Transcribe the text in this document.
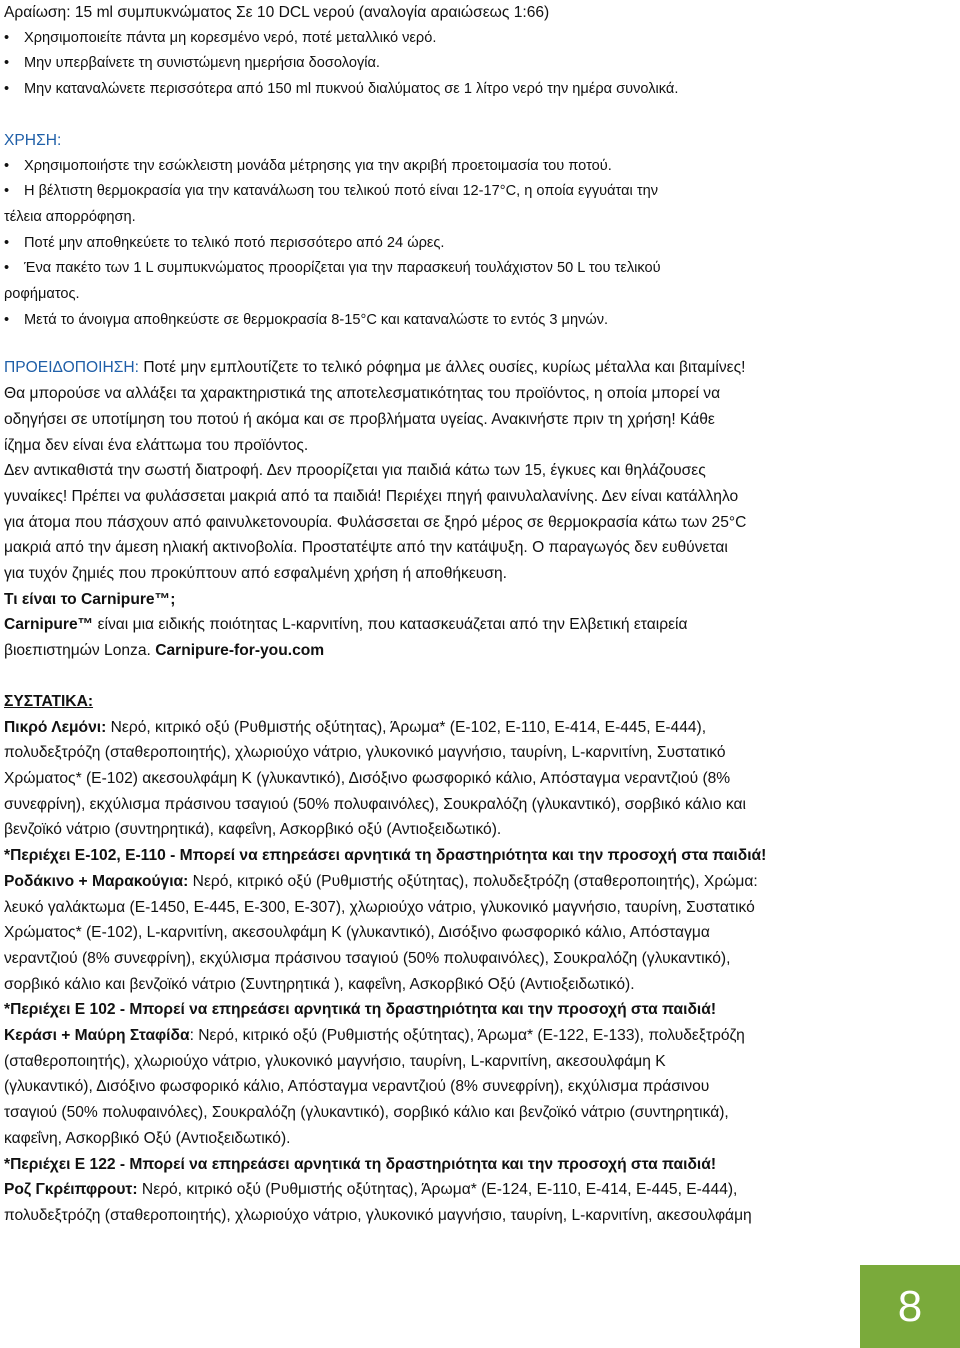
Αραίωση: 15 ml συμπυκνώματος Σε 10 DCL νερού (αναλογία αραιώσεως 1:66)
• Χρησιμοποιείτε πάντα μη κορεσμένο νερό, ποτέ μεταλλικό νερό.
• Μην υπερβαίνετε τη συνιστώμενη ημερήσια δοσολογία.
• Μην καταναλώνετε περισσότερα από 150 ml πυκνού διαλύματος σε 1 λίτρο νερό την ημέρα συνολικά.
ΧΡΗΣΗ:
• Χρησιμοποιήστε την εσώκλειστη μονάδα μέτρησης για την ακριβή προετοιμασία του ποτού.
• Η βέλτιστη θερμοκρασία για την κατανάλωση του τελικού ποτό είναι 12-17°C, η οποία εγγυάται την
τέλεια απορρόφηση.
• Ποτέ μην αποθηκεύετε το τελικό ποτό περισσότερο από 24 ώρες.
• Ένα πακέτο των 1 L συμπυκνώματος προορίζεται για την παρασκευή τουλάχιστον 50 L του τελικού
ροφήματος.
• Μετά το άνοιγμα αποθηκεύστε σε θερμοκρασία 8-15°C και καταναλώστε το εντός 3 μηνών.
ΠΡΟΕΙΔΟΠΟΙΗΣΗ: Ποτέ μην εμπλουτίζετε το τελικό ρόφημα με άλλες ουσίες, κυρίως μέταλλα και βιταμίνες!
Θα μπορούσε να αλλάξει τα χαρακτηριστικά της αποτελεσματικότητας του προϊόντος, η οποία μπορεί να
οδηγήσει σε υποτίμηση του ποτού ή ακόμα και σε προβλήματα υγείας. Ανακινήστε πριν τη χρήση! Κάθε
ίζημα δεν είναι ένα ελάττωμα του προϊόντος.
Δεν αντικαθιστά την σωστή διατροφή. Δεν προορίζεται για παιδιά κάτω των 15, έγκυες και θηλάζουσες
γυναίκες! Πρέπει να φυλάσσεται μακριά από τα παιδιά! Περιέχει πηγή φαινυλαλανίνης. Δεν είναι κατάλληλο
για άτομα που πάσχουν από φαινυλκετονουρία. Φυλάσσεται σε ξηρό μέρος σε θερμοκρασία κάτω των 25°C
μακριά από την άμεση ηλιακή ακτινοβολία. Προστατέψτε από την κατάψυξη. Ο παραγωγός δεν ευθύνεται
για τυχόν ζημιές που προκύπτουν από εσφαλμένη χρήση ή αποθήκευση.
Τι είναι το Carnipure™;
Carnipure™ είναι μια ειδικής ποιότητας L-καρνιτίνη, που κατασκευάζεται από την Ελβετική εταιρεία
βιοεπιστημών Lonza. Carnipure-for-you.com
ΣΥΣΤΑΤΙΚΑ:
Πικρό Λεμόνι: Νερό, κιτρικό οξύ (Ρυθμιστής οξύτητας), Άρωμα* (Ε-102, Ε-110, Ε-414, Ε-445, Ε-444),
πολυδεξτρόζη (σταθεροποιητής), χλωριούχο νάτριο, γλυκονικό μαγνήσιο, ταυρίνη, L-καρνιτίνη, Συστατικό
Χρώματος* (Ε-102) ακεσουλφάμη Κ (γλυκαντικό), Δισόξινο φωσφορικό κάλιο, Απόσταγμα νεραντζιού (8%
συνεφρίνη), εκχύλισμα πράσινου τσαγιού (50% πολυφαινόλες), Σουκραλόζη (γλυκαντικό), σορβικό κάλιο και
βενζοϊκό νάτριο (συντηρητικά), καφεΐνη, Ασκορβικό οξύ (Αντιοξειδωτικό).
*Περιέχει Ε-102, Ε-110 - Μπορεί να επηρεάσει αρνητικά τη δραστηριότητα και την προσοχή στα παιδιά!
Ροδάκινο + Μαρακούγια: Νερό, κιτρικό οξύ (Ρυθμιστής οξύτητας), πολυδεξτρόζη (σταθεροποιητής), Χρώμα:
λευκό γαλάκτωμα (Ε-1450, Ε-445, Ε-300, Ε-307), χλωριούχο νάτριο, γλυκονικό μαγνήσιο, ταυρίνη, Συστατικό
Χρώματος* (Ε-102), L-καρνιτίνη, ακεσουλφάμη Κ (γλυκαντικό), Δισόξινο φωσφορικό κάλιο, Απόσταγμα
νεραντζιού (8% συνεφρίνη), εκχύλισμα πράσινου τσαγιού (50% πολυφαινόλες), Σουκραλόζη (γλυκαντικό),
σορβικό κάλιο και βενζοϊκό νάτριο (Συντηρητικά ), καφεΐνη, Ασκορβικό Οξύ (Αντιοξειδωτικό).
*Περιέχει Ε 102 - Μπορεί να επηρεάσει αρνητικά τη δραστηριότητα και την προσοχή στα παιδιά!
Κεράσι + Μαύρη Σταφίδα: Νερό, κιτρικό οξύ (Ρυθμιστής οξύτητας), Άρωμα* (Ε-122, Ε-133), πολυδεξτρόζη
(σταθεροποιητής), χλωριούχο νάτριο, γλυκονικό μαγνήσιο, ταυρίνη, L-καρνιτίνη, ακεσουλφάμη Κ
(γλυκαντικό), Δισόξινο φωσφορικό κάλιο, Απόσταγμα νεραντζιού (8% συνεφρίνη), εκχύλισμα πράσινου
τσαγιού (50% πολυφαινόλες), Σουκραλόζη (γλυκαντικό), σορβικό κάλιο και βενζοϊκό νάτριο (συντηρητικά),
καφεΐνη, Ασκορβικό Οξύ (Αντιοξειδωτικό).
*Περιέχει Ε 122 - Μπορεί να επηρεάσει αρνητικά τη δραστηριότητα και την προσοχή στα παιδιά!
Ροζ Γκρέιπφρουτ: Νερό, κιτρικό οξύ (Ρυθμιστής οξύτητας), Άρωμα* (Ε-124, Ε-110, Ε-414, Ε-445, Ε-444),
πολυδεξτρόζη (σταθεροποιητής), χλωριούχο νάτριο, γλυκονικό μαγνήσιο, ταυρίνη, L-καρνιτίνη, ακεσουλφάμη
8
